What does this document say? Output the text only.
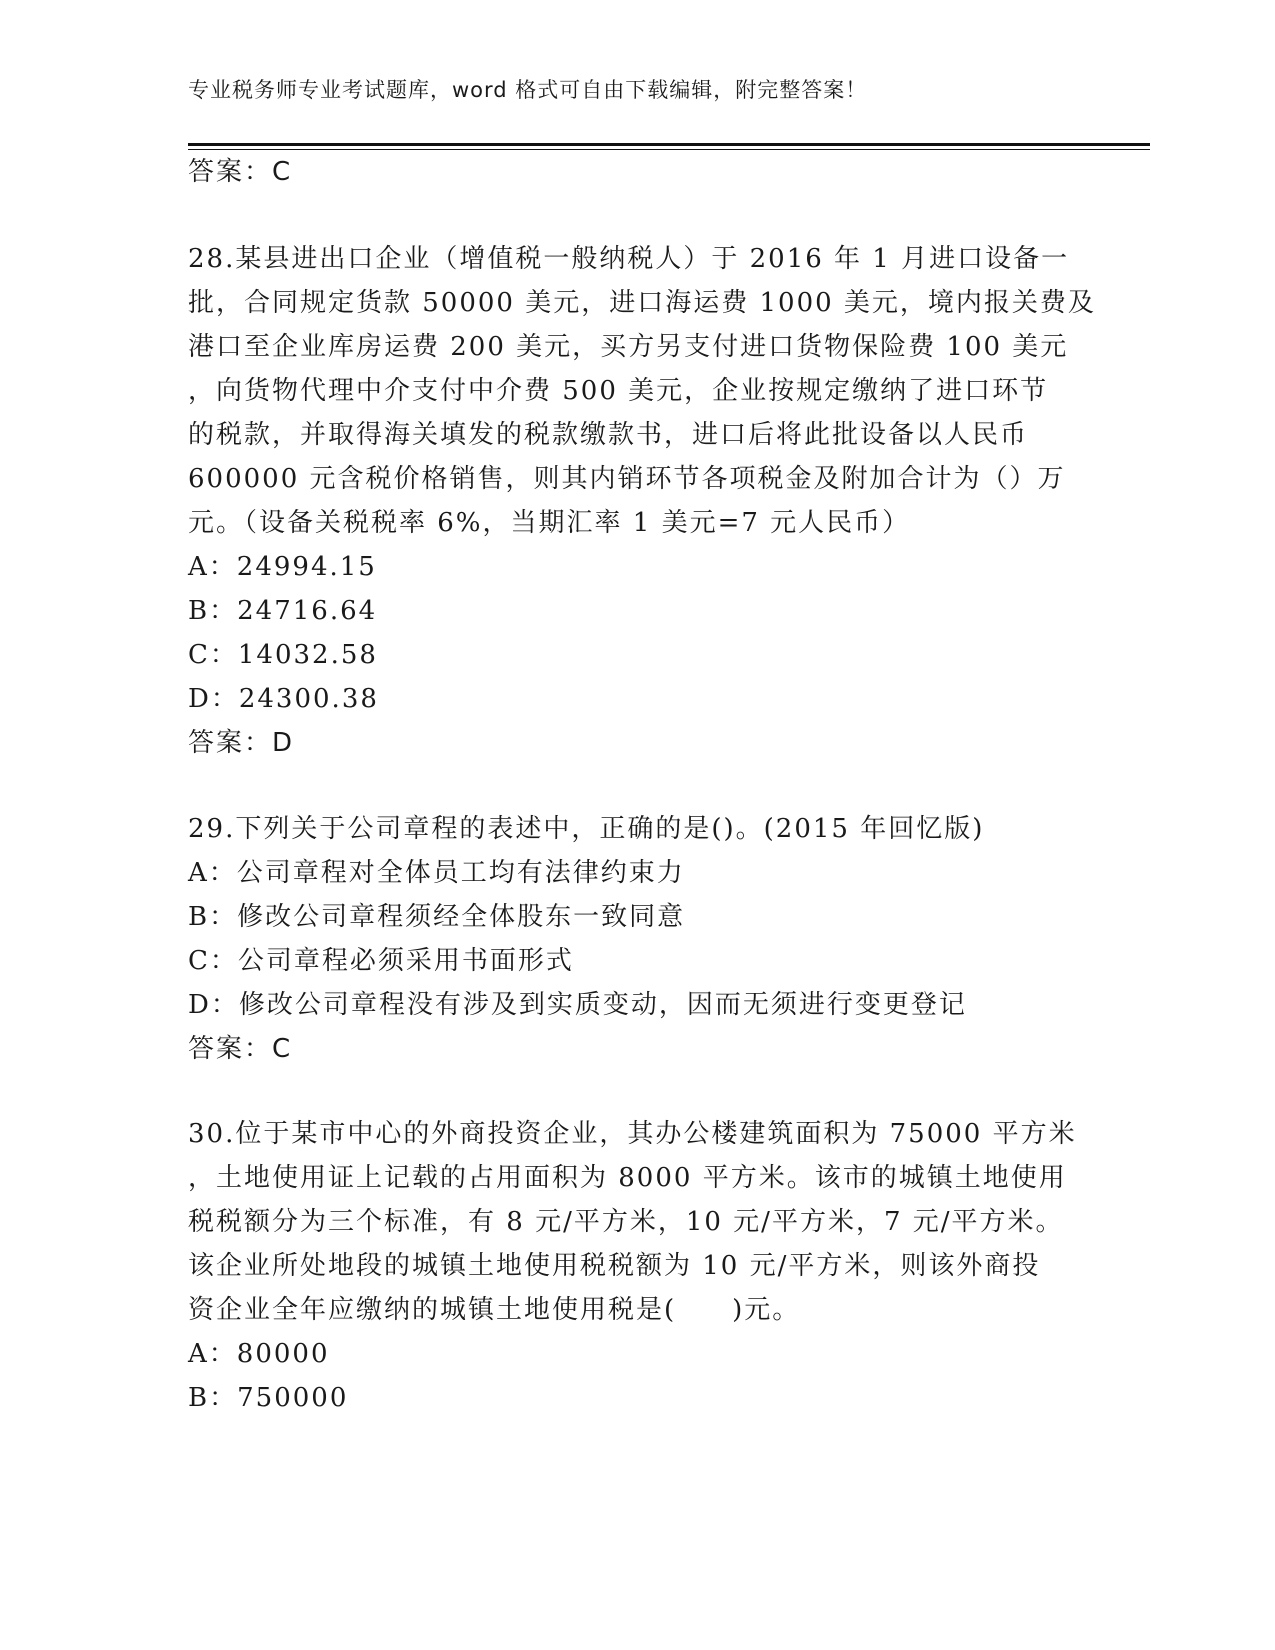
专业税务师专业考试题库，word 格式可自由下载编辑，附完整答案！
答案：C
28.某县进出口企业（增值税一般纳税人）于 2016 年 1 月进口设备一
批，合同规定货款 50000 美元，进口海运费 1000 美元，境内报关费及
港口至企业库房运费 200 美元，买方另支付进口货物保险费 100 美元
，向货物代理中介支付中介费 500 美元，企业按规定缴纳了进口环节
的税款，并取得海关填发的税款缴款书，进口后将此批设备以人民币
600000 元含税价格销售，则其内销环节各项税金及附加合计为（）万
元。（设备关税税率 6%，当期汇率 1 美元=7 元人民币）
A：24994.15
B：24716.64
C：14032.58
D：24300.38
答案：D
29.下列关于公司章程的表述中，正确的是()。(2015 年回忆版)
A：公司章程对全体员工均有法律约束力
B：修改公司章程须经全体股东一致同意
C：公司章程必须采用书面形式
D：修改公司章程没有涉及到实质变动，因而无须进行变更登记
答案：C
30.位于某市中心的外商投资企业，其办公楼建筑面积为 75000 平方米
，土地使用证上记载的占用面积为 8000 平方米。该市的城镇土地使用
税税额分为三个标准，有 8 元/平方米，10 元/平方米，7 元/平方米。
该企业所处地段的城镇土地使用税税额为 10 元/平方米，则该外商投
资企业全年应缴纳的城镇土地使用税是(　　)元。
A：80000
B：750000
